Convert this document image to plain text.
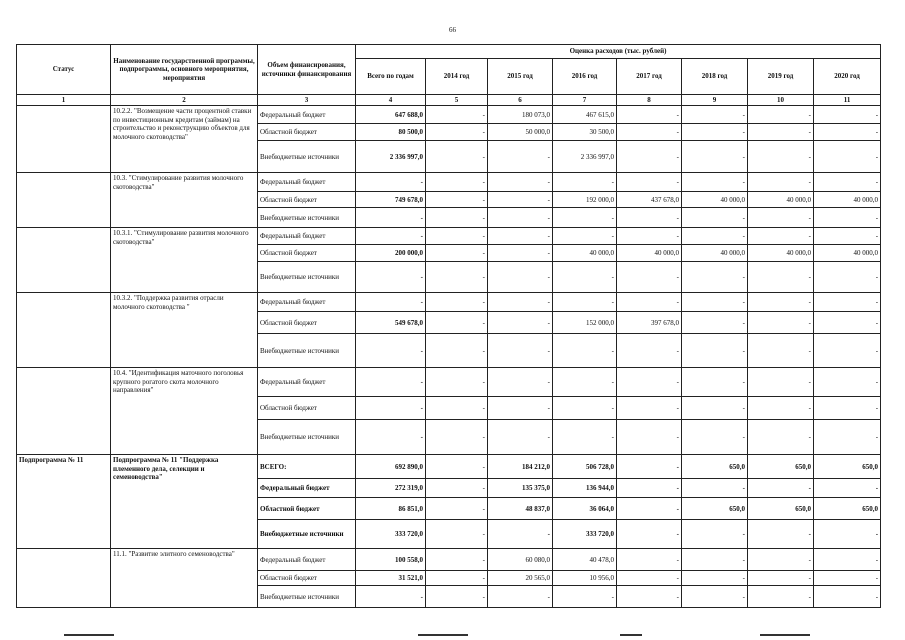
66
Статус	Наименование государственной программы, подпрограммы, основного мероприятия, мероприятия	Объем финансирования, источники финансирования	Оценка расходов (тыс. рублей)							
			Всего по годам	2014 год	2015 год	2016 год	2017 год	2018 год	2019 год	2020 год
1	2	3	4	5	6	7	8	9	10	11
	10.2.2. "Возмещение части процентной ставки по инвестиционным кредитам (займам) на строительство и реконструкцию объектов для молочного скотоводства"	Федеральный бюджет	647 688,0	-	180 073,0	467 615,0	-	-	-	-
		Областной бюджет	80 500,0	-	50 000,0	30 500,0	-	-	-	-
		Внебюджетные источники	2 336 997,0	-	-	2 336 997,0	-	-	-	-
	10.3. "Стимулирование развития молочного скотоводства"	Федеральный бюджет	-	-	-	-	-	-	-	-
		Областной бюджет	749 678,0	-	-	192 000,0	437 678,0	40 000,0	40 000,0	40 000,0
		Внебюджетные источники	-	-	-	-	-	-	-	-
	10.3.1. "Стимулирование развития молочного скотоводства"	Федеральный бюджет	-	-	-	-	-	-	-	-
		Областной бюджет	200 000,0	-	-	40 000,0	40 000,0	40 000,0	40 000,0	40 000,0
		Внебюджетные источники	-	-	-	-	-	-	-	-
	10.3.2. "Поддержка развития отрасли молочного скотоводства "	Федеральный бюджет	-	-	-	-	-	-	-	-
		Областной бюджет	549 678,0	-	-	152 000,0	397 678,0	-	-	-
		Внебюджетные источники	-	-	-	-	-	-	-	-
	10.4. "Идентификация маточного поголовья крупного рогатого скота молочного направления"	Федеральный бюджет	-	-	-	-	-	-	-	-
		Областной бюджет	-	-	-	-	-	-	-	-
		Внебюджетные источники	-	-	-	-	-	-	-	-
Подпрограмма № 11	Подпрограмма № 11 "Поддержка племенного дела, селекции и семеноводства"	ВСЕГО:	692 890,0	-	184 212,0	506 728,0	-	650,0	650,0	650,0
		Федеральный бюджет	272 319,0	-	135 375,0	136 944,0	-	-	-	-
		Областной бюджет	86 851,0	-	48 837,0	36 064,0	-	650,0	650,0	650,0
		Внебюджетные источники	333 720,0	-	-	333 720,0	-	-	-	-
	11.1. "Развитие элитного семеноводства"	Федеральный бюджет	100 558,0	-	60 080,0	40 478,0	-	-	-	-
		Областной бюджет	31 521,0	-	20 565,0	10 956,0	-	-	-	-
		Внебюджетные источники	-	-	-	-	-	-	-	-
